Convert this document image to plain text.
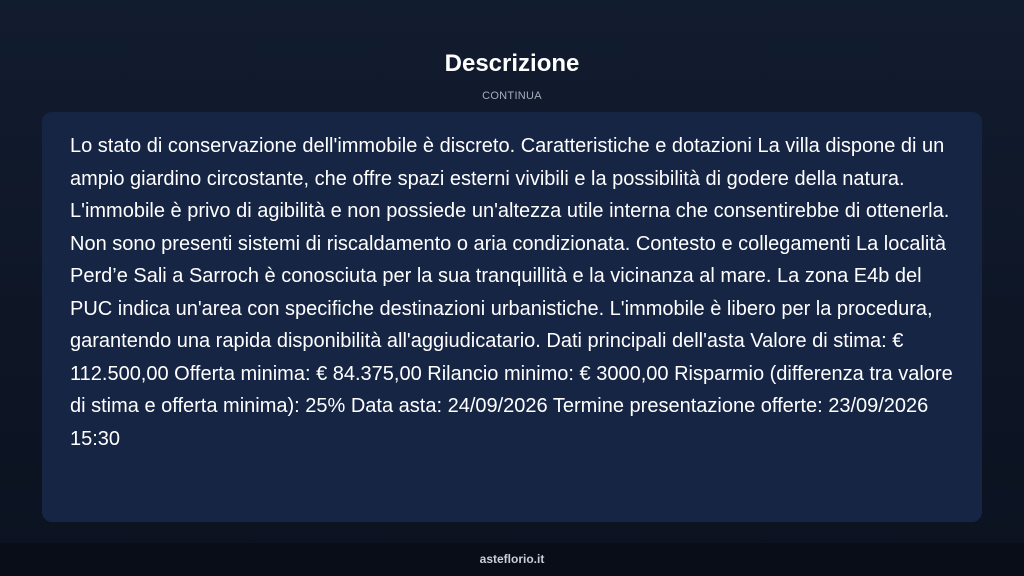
Descrizione
CONTINUA

Lo stato di conservazione dell'immobile è discreto. Caratteristiche e dotazioni La villa dispone di un ampio giardino circostante, che offre spazi esterni vivibili e la possibilità di godere della natura. L'immobile è privo di agibilità e non possiede un'altezza utile interna che consentirebbe di ottenerla. Non sono presenti sistemi di riscaldamento o aria condizionata. Contesto e collegamenti La località Perd’e Sali a Sarroch è conosciuta per la sua tranquillità e la vicinanza al mare. La zona E4b del PUC indica un'area con specifiche destinazioni urbanistiche. L'immobile è libero per la procedura, garantendo una rapida disponibilità all'aggiudicatario. Dati principali dell'asta Valore di stima: € 112.500,00 Offerta minima: € 84.375,00 Rilancio minimo: € 3000,00 Risparmio (differenza tra valore di stima e offerta minima): 25% Data asta: 24/09/2026 Termine presentazione offerte: 23/09/2026 15:30

asteflorio.it
